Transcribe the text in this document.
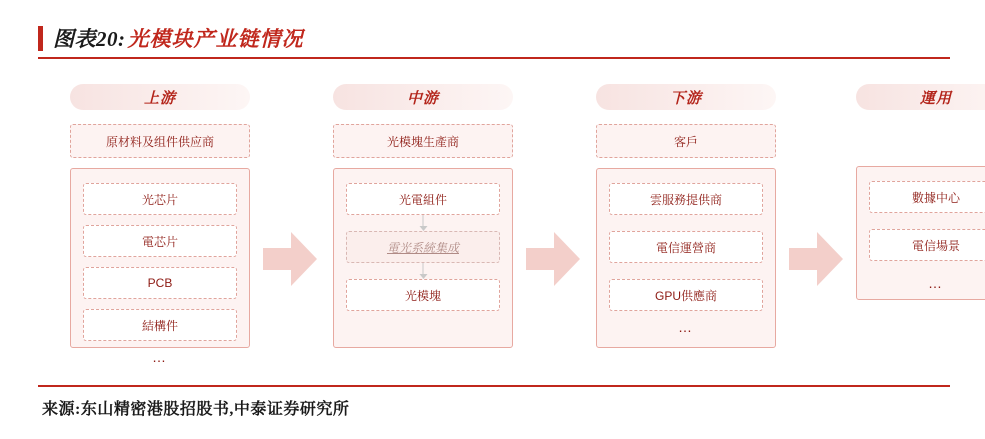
图表20: 光模块产业链情况
上游
原材料及组件供应商
光芯片
電芯片
PCB
結構件
…
中游
光模塊生產商
光電組件
電光系統集成
光模塊
下游
客戶
雲服務提供商
電信運營商
GPU供應商
…
運用
數據中心
電信場景
…
来源:东山精密港股招股书,中泰证券研究所
